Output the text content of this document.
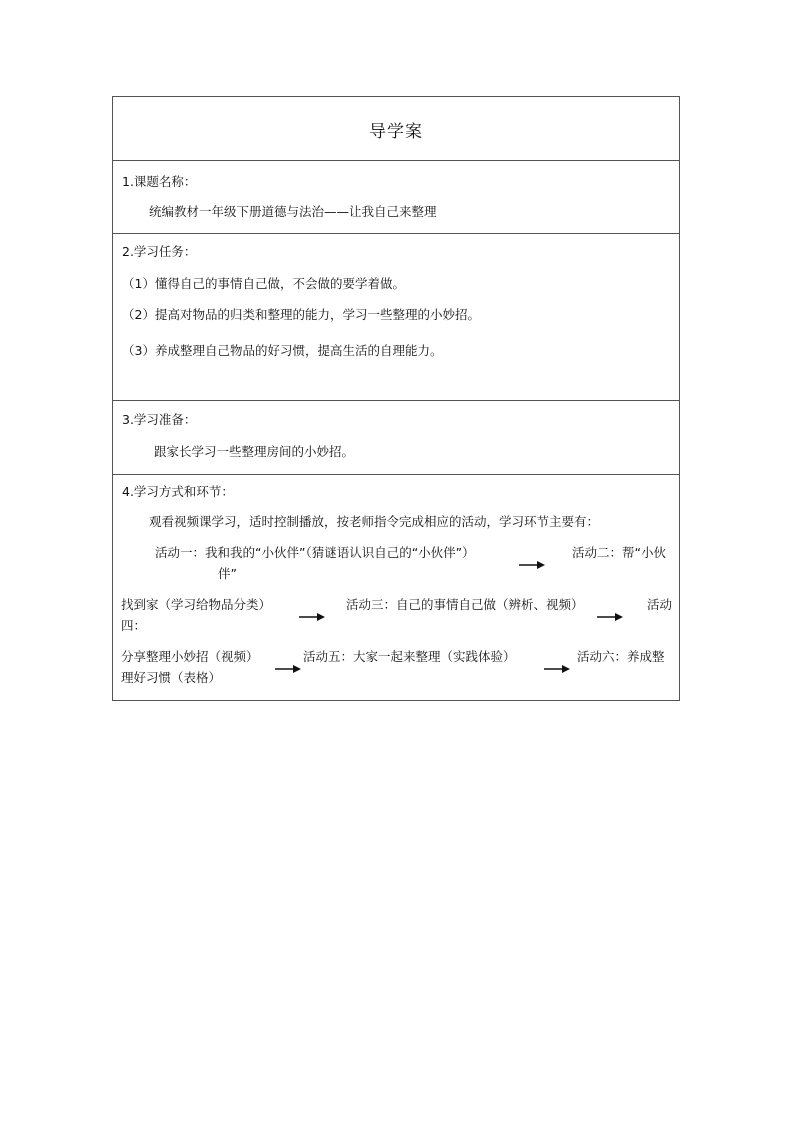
导学案
1.课题名称：
统编教材一年级下册道德与法治——让我自己来整理
2.学习任务：
（1）懂得自己的事情自己做，不会做的要学着做。
（2）提高对物品的归类和整理的能力，学习一些整理的小妙招。
（3）养成整理自己物品的好习惯，提高生活的自理能力。
3.学习准备：
跟家长学习一些整理房间的小妙招。
4.学习方式和环节：
观看视频课学习，适时控制播放，按老师指令完成相应的活动，学习环节主要有：
活动一：我和我的“小伙伴”（猜谜语认识自己的“小伙伴”）	活动二：帮“小伙
伴”
找到家（学习给物品分类）	活动三：自己的事情自己做（辨析、视频）	活动
四：
分享整理小妙招（视频）	活动五：大家一起来整理（实践体验）	活动六：养成整
理好习惯（表格）
